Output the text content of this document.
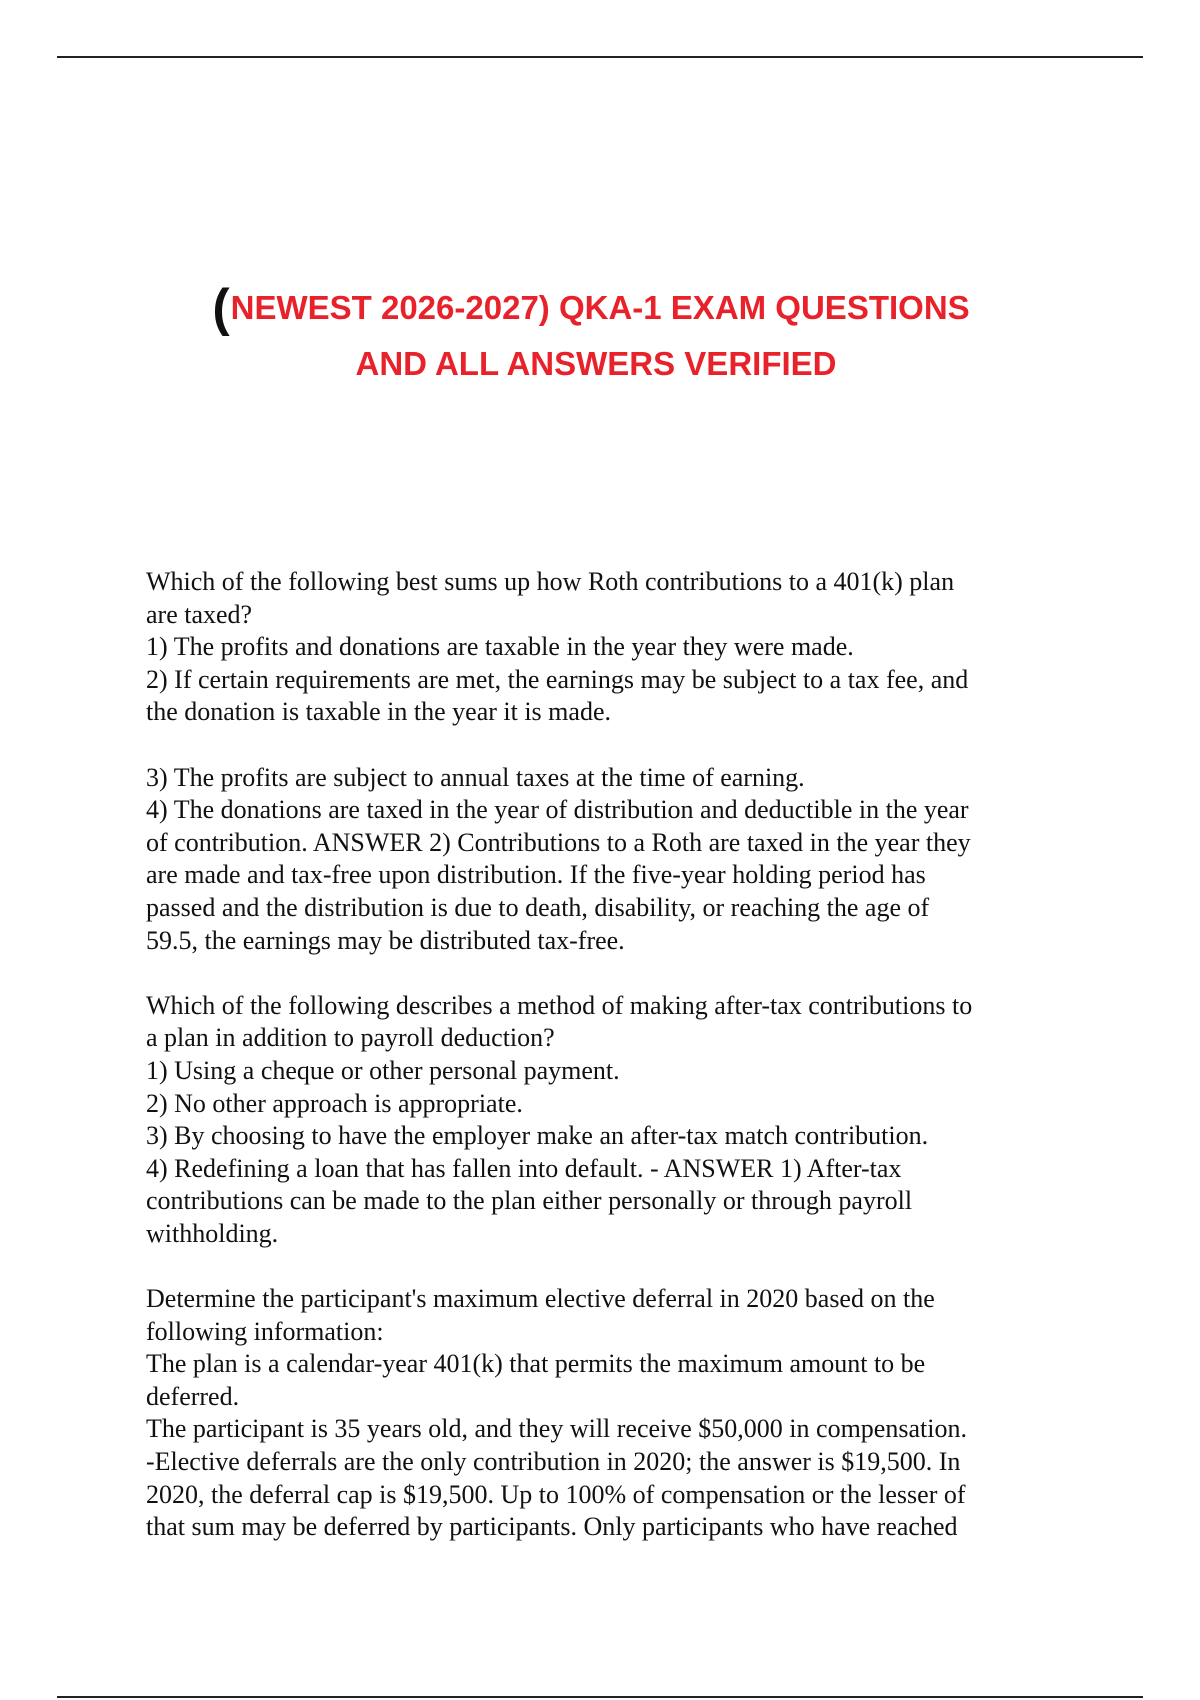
(NEWEST 2026-2027) QKA-1 EXAM QUESTIONS
AND ALL ANSWERS VERIFIED

Which of the following best sums up how Roth contributions to a 401(k) plan

are taxed?

1) The profits and donations are taxable in the year they were made.

2) If certain requirements are met, the earnings may be subject to a tax fee, and

the donation is taxable in the year it is made.

3) The profits are subject to annual taxes at the time of earning.

4) The donations are taxed in the year of distribution and deductible in the year

of contribution. ANSWER 2) Contributions to a Roth are taxed in the year they

are made and tax-free upon distribution. If the five-year holding period has

passed and the distribution is due to death, disability, or reaching the age of

59.5, the earnings may be distributed tax-free.

Which of the following describes a method of making after-tax contributions to

a plan in addition to payroll deduction?

1) Using a cheque or other personal payment.

2) No other approach is appropriate.

3) By choosing to have the employer make an after-tax match contribution.

4) Redefining a loan that has fallen into default. - ANSWER 1) After-tax

contributions can be made to the plan either personally or through payroll

withholding.

Determine the participant's maximum elective deferral in 2020 based on the

following information:

The plan is a calendar-year 401(k) that permits the maximum amount to be

deferred.

The participant is 35 years old, and they will receive $50,000 in compensation.

-Elective deferrals are the only contribution in 2020; the answer is $19,500. In

2020, the deferral cap is $19,500. Up to 100% of compensation or the lesser of

that sum may be deferred by participants. Only participants who have reached
